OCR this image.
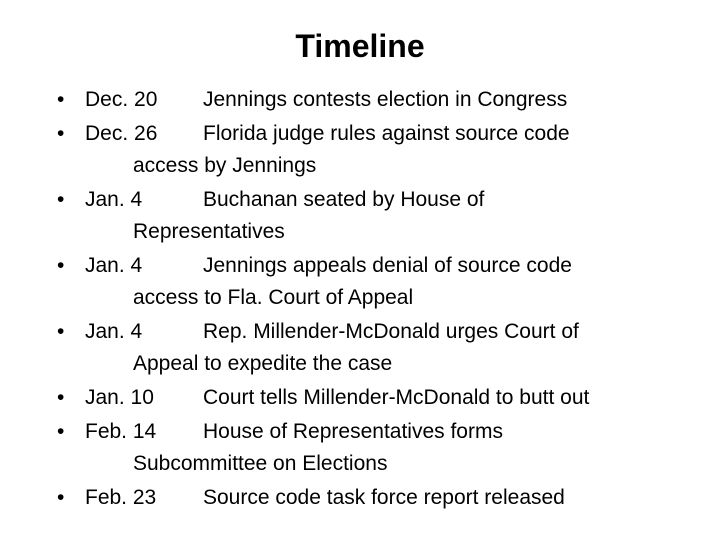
Timeline
• Dec. 20 Jennings contests election in Congress
• Dec. 26 Florida judge rules against source code
access by Jennings
• Jan. 4	Buchanan seated by House of
Representatives
• Jan. 4	Jennings appeals denial of source code
access to Fla. Court of Appeal
• Jan. 4	Rep. Millender-McDonald urges Court of
Appeal to expedite the case
• Jan. 10 Court tells Millender-McDonald to butt out
• Feb. 14 House of Representatives forms
Subcommittee on Elections
• Feb. 23 Source code task force report released
